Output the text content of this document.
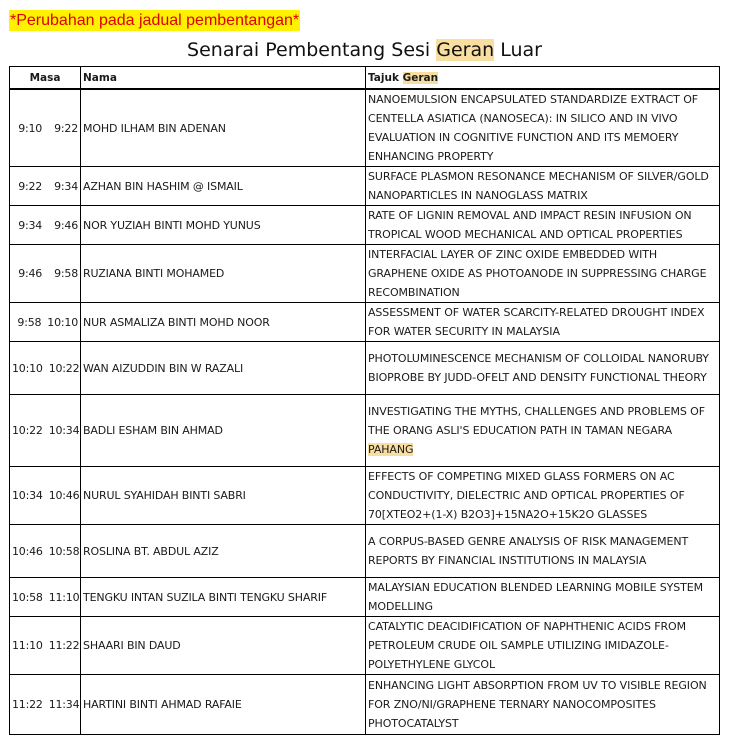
*Perubahan pada jadual pembentangan*
Senarai Pembentang Sesi Geran Luar
Masa	Nama	Tajuk Geran
9:10 9:22	MOHD ILHAM BIN ADENAN	NANOEMULSION ENCAPSULATED STANDARDIZE EXTRACT OF CENTELLA ASIATICA (NANOSECA): IN SILICO AND IN VIVO EVALUATION IN COGNITIVE FUNCTION AND ITS MEMOERY ENHANCING PROPERTY
9:22 9:34	AZHAN BIN HASHIM @ ISMAIL	SURFACE PLASMON RESONANCE MECHANISM OF SILVER/GOLD NANOPARTICLES IN NANOGLASS MATRIX
9:34 9:46	NOR YUZIAH BINTI MOHD YUNUS	RATE OF LIGNIN REMOVAL AND IMPACT RESIN INFUSION ON TROPICAL WOOD MECHANICAL AND OPTICAL PROPERTIES
9:46 9:58	RUZIANA BINTI MOHAMED	INTERFACIAL LAYER OF ZINC OXIDE EMBEDDED WITH GRAPHENE OXIDE AS PHOTOANODE IN SUPPRESSING CHARGE RECOMBINATION
9:58 10:10	NUR ASMALIZA BINTI MOHD NOOR	ASSESSMENT OF WATER SCARCITY-RELATED DROUGHT INDEX FOR WATER SECURITY IN MALAYSIA
10:10 10:22	WAN AIZUDDIN BIN W RAZALI	PHOTOLUMINESCENCE MECHANISM OF COLLOIDAL NANORUBY BIOPROBE BY JUDD-OFELT AND DENSITY FUNCTIONAL THEORY
10:22 10:34	BADLI ESHAM BIN AHMAD	INVESTIGATING THE MYTHS, CHALLENGES AND PROBLEMS OF THE ORANG ASLI'S EDUCATION PATH IN TAMAN NEGARA PAHANG
10:34 10:46	NURUL SYAHIDAH BINTI SABRI	EFFECTS OF COMPETING MIXED GLASS FORMERS ON AC CONDUCTIVITY, DIELECTRIC AND OPTICAL PROPERTIES OF 70[XTEO2+(1-X) B2O3]+15NA2O+15K2O GLASSES
10:46 10:58	ROSLINA BT. ABDUL AZIZ	A CORPUS-BASED GENRE ANALYSIS OF RISK MANAGEMENT REPORTS BY FINANCIAL INSTITUTIONS IN MALAYSIA
10:58 11:10	TENGKU INTAN SUZILA BINTI TENGKU SHARIF	MALAYSIAN EDUCATION BLENDED LEARNING MOBILE SYSTEM MODELLING
11:10 11:22	SHAARI BIN DAUD	CATALYTIC DEACIDIFICATION OF NAPHTHENIC ACIDS FROM PETROLEUM CRUDE OIL SAMPLE UTILIZING IMIDAZOLE-POLYETHYLENE GLYCOL
11:22 11:34	HARTINI BINTI AHMAD RAFAIE	ENHANCING LIGHT ABSORPTION FROM UV TO VISIBLE REGION FOR ZNO/NI/GRAPHENE TERNARY NANOCOMPOSITES PHOTOCATALYST
